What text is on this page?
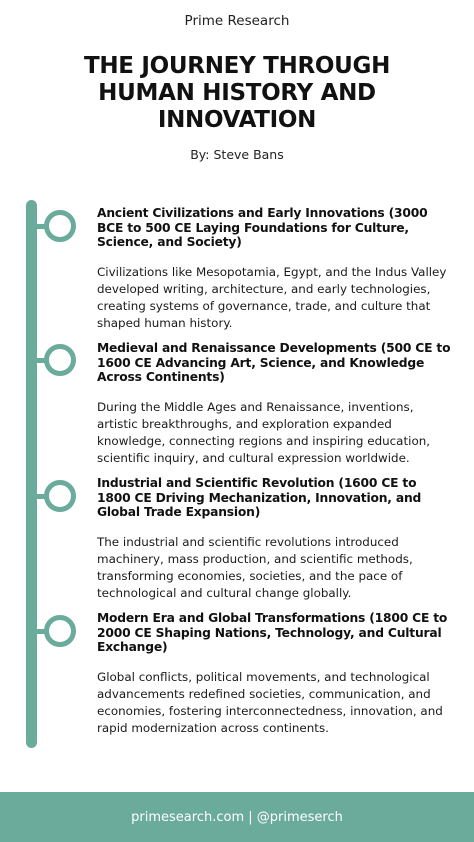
Prime Research
THE JOURNEY THROUGH HUMAN HISTORY AND INNOVATION
By: Steve Bans
Ancient Civilizations and Early Innovations (3000 BCE to 500 CE Laying Foundations for Culture, Science, and Society)
Civilizations like Mesopotamia, Egypt, and the Indus Valley developed writing, architecture, and early technologies, creating systems of governance, trade, and culture that shaped human history.
Medieval and Renaissance Developments (500 CE to 1600 CE Advancing Art, Science, and Knowledge Across Continents)
During the Middle Ages and Renaissance, inventions, artistic breakthroughs, and exploration expanded knowledge, connecting regions and inspiring education, scientific inquiry, and cultural expression worldwide.
Industrial and Scientific Revolution (1600 CE to 1800 CE Driving Mechanization, Innovation, and Global Trade Expansion)
The industrial and scientific revolutions introduced machinery, mass production, and scientific methods, transforming economies, societies, and the pace of technological and cultural change globally.
Modern Era and Global Transformations (1800 CE to 2000 CE Shaping Nations, Technology, and Cultural Exchange)
Global conflicts, political movements, and technological advancements redefined societies, communication, and economies, fostering interconnectedness, innovation, and rapid modernization across continents.
primesearch.com | @primeserch
